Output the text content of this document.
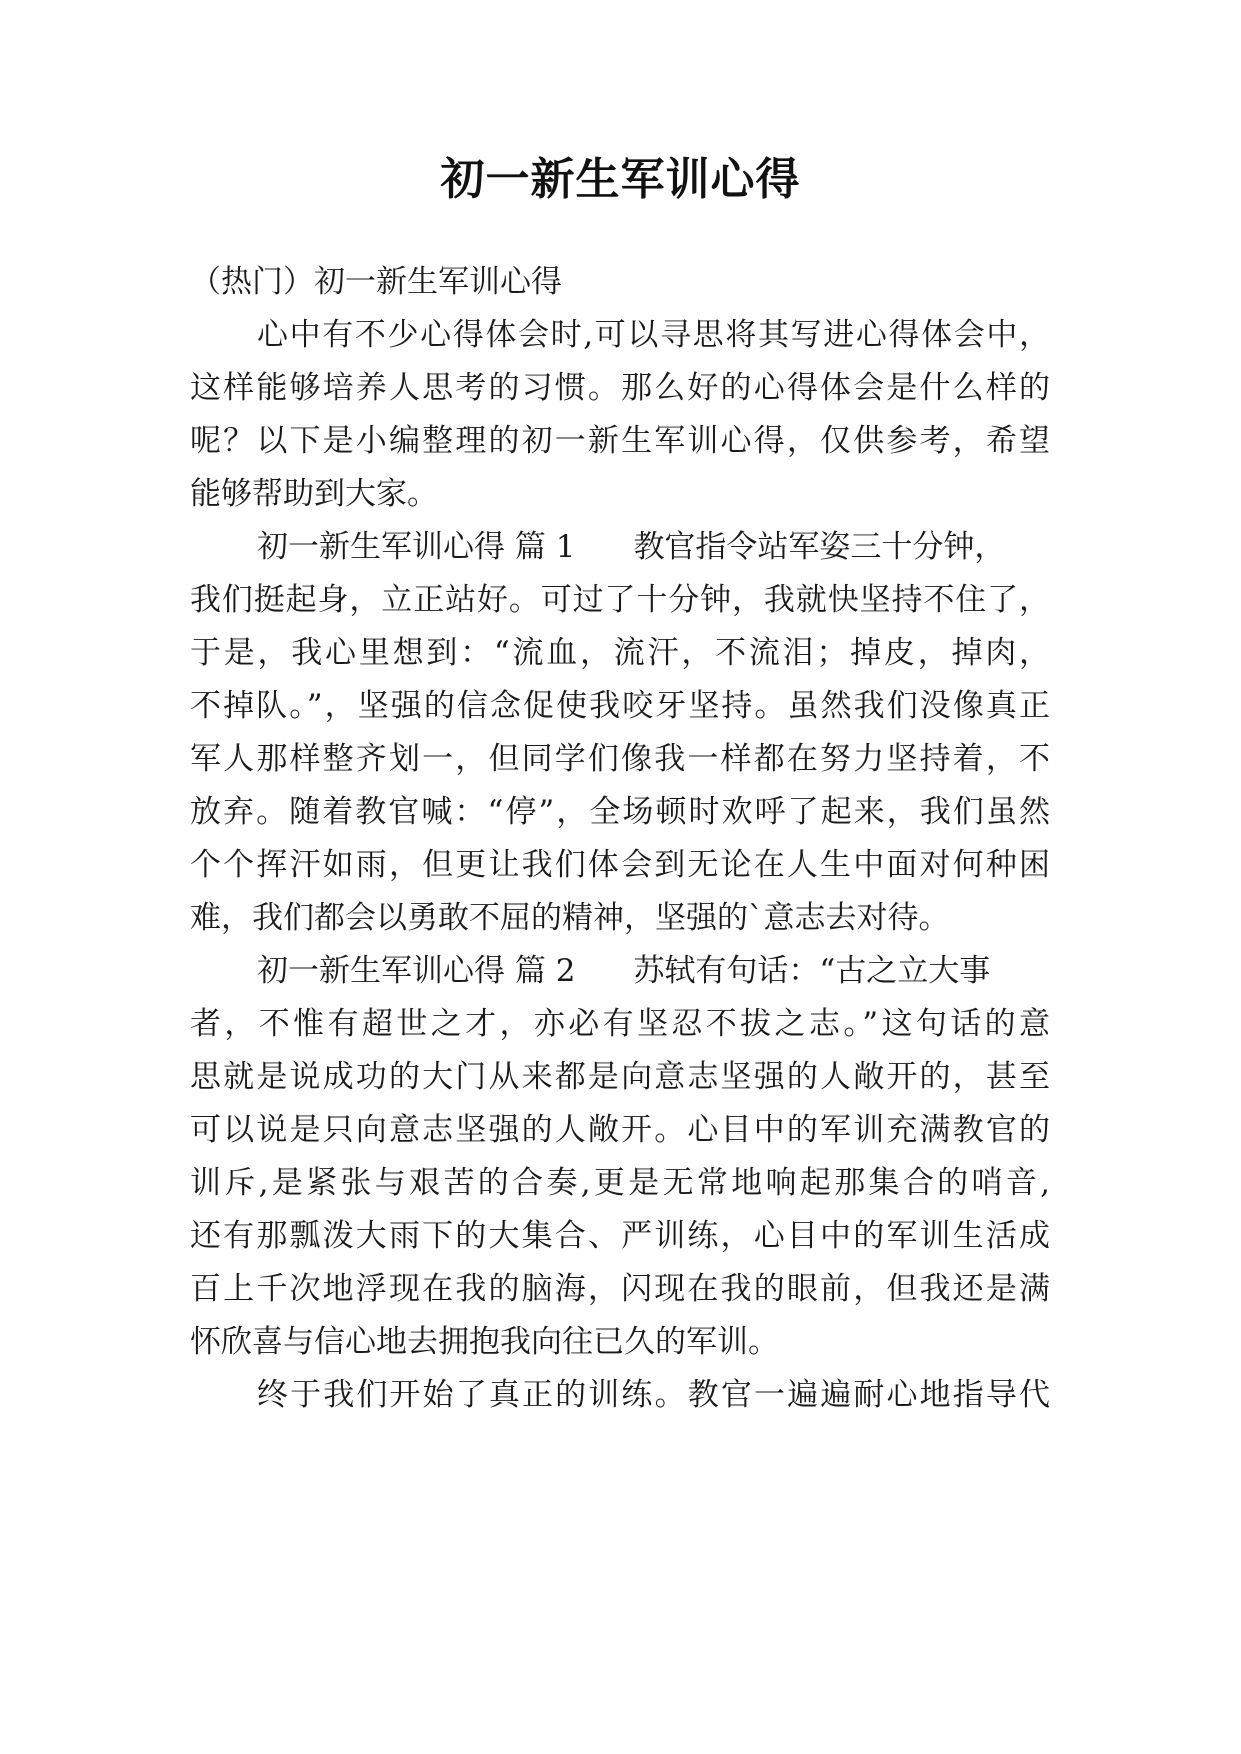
初一新生军训心得
（热门）初一新生军训心得
心中有不少心得体会时,可以寻思将其写进心得体会中，
这样能够培养人思考的习惯。那么好的心得体会是什么样的
呢？以下是小编整理的初一新生军训心得，仅供参考，希望
能够帮助到大家。
初一新生军训心得 篇 1 教官指令站军姿三十分钟，
我们挺起身，立正站好。可过了十分钟，我就快坚持不住了，
于是，我心里想到：“流血，流汗，不流泪；掉皮，掉肉，
不掉队。”，坚强的信念促使我咬牙坚持。虽然我们没像真正
军人那样整齐划一，但同学们像我一样都在努力坚持着，不
放弃。随着教官喊：“停”，全场顿时欢呼了起来，我们虽然
个个挥汗如雨，但更让我们体会到无论在人生中面对何种困
难，我们都会以勇敢不屈的精神，坚强的`意志去对待。
初一新生军训心得 篇 2 苏轼有句话：“古之立大事
者，不惟有超世之才，亦必有坚忍不拔之志。”这句话的意
思就是说成功的大门从来都是向意志坚强的人敞开的，甚至
可以说是只向意志坚强的人敞开。心目中的军训充满教官的
训斥,是紧张与艰苦的合奏,更是无常地响起那集合的哨音,
还有那瓢泼大雨下的大集合、严训练，心目中的军训生活成
百上千次地浮现在我的脑海，闪现在我的眼前，但我还是满
怀欣喜与信心地去拥抱我向往已久的军训。
终于我们开始了真正的训练。教官一遍遍耐心地指导代
